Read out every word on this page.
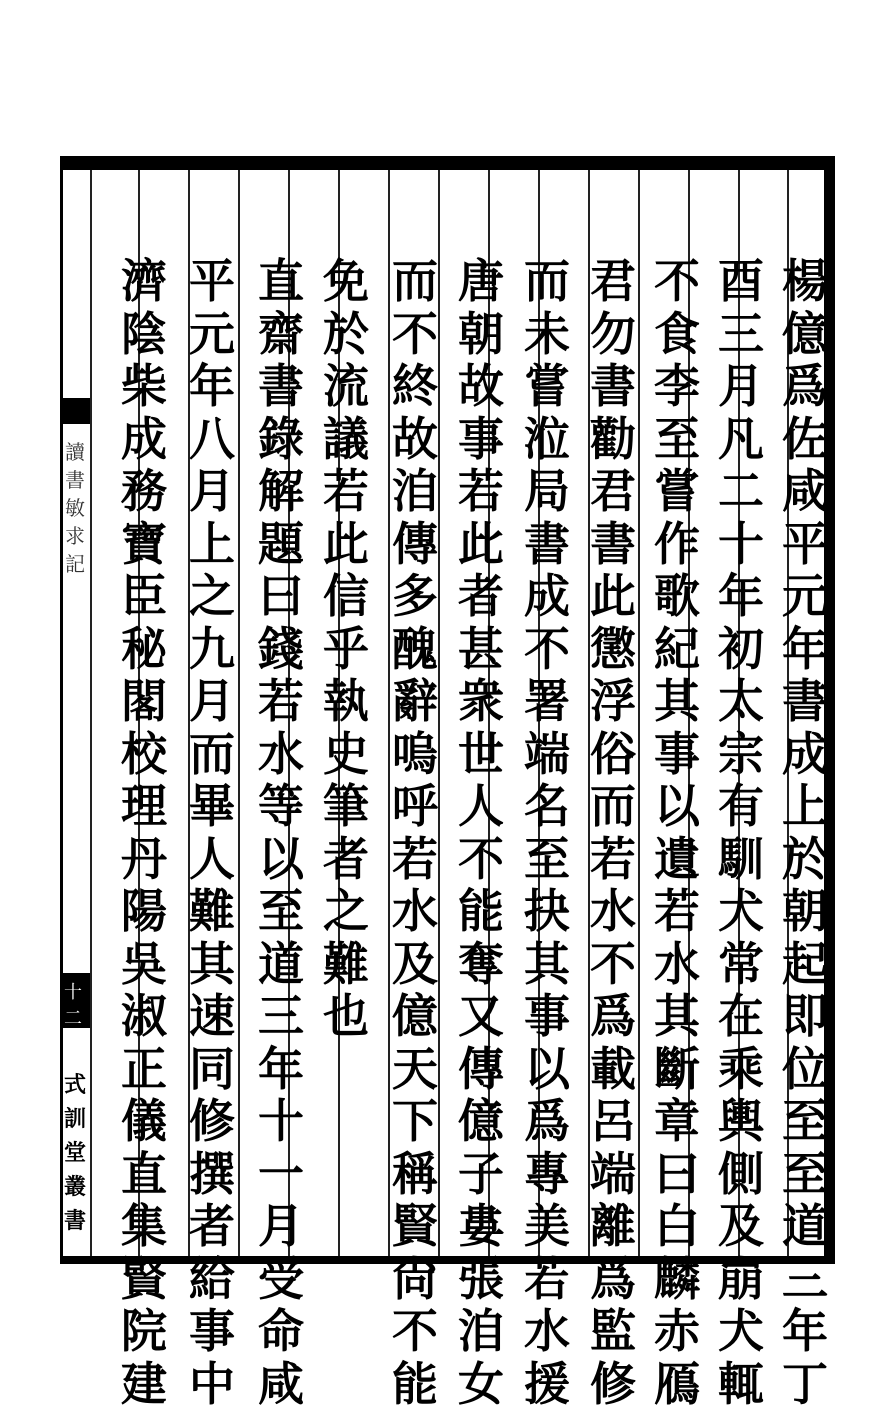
楊
億
爲
佐
咸
平
元
年
書
成
上
於
朝
起
即
位
至
至
道
三
年
丁
酉
三
月
凡
二
十
年
初
太
宗
有
馴
犬
常
在
乘
輿
側
及
崩
犬
輒
不
食
李
至
嘗
作
歌
紀
其
事
以
遺
若
水
其
斷
章
曰
白
麟
赤
鴈
君
勿
書
勸
君
書
此
懲
浮
俗
而
若
水
不
爲
載
呂
端
離
爲
監
修
而
未
嘗
涖
局
書
成
不
署
端
名
至
抉
其
事
以
爲
專
美
若
水
援
唐
朝
故
事
若
此
者
甚
衆
世
人
不
能
奪
又
傳
億
子
婁
張
洎
女
而
不
終
故
洎
傳
多
醜
辭
嗚
呼
若
水
及
億
天
下
稱
賢
尙
不
能
免
於
流
議
若
此
信
乎
執
史
筆
者
之
難
也
直
齋
書
錄
解
題
曰
錢
若
水
等
以
至
道
三
年
十
一
月
受
命
咸
平
元
年
八
月
上
之
九
月
而
畢
人
難
其
速
同
修
撰
者
給
事
中
濟
陰
柴
成
務
寶
臣
秘
閣
校
理
丹
陽
吳
淑
正
儀
直
集
賢
院
建
讀
書
敏
求
記
十二
式
訓
堂
叢
書
